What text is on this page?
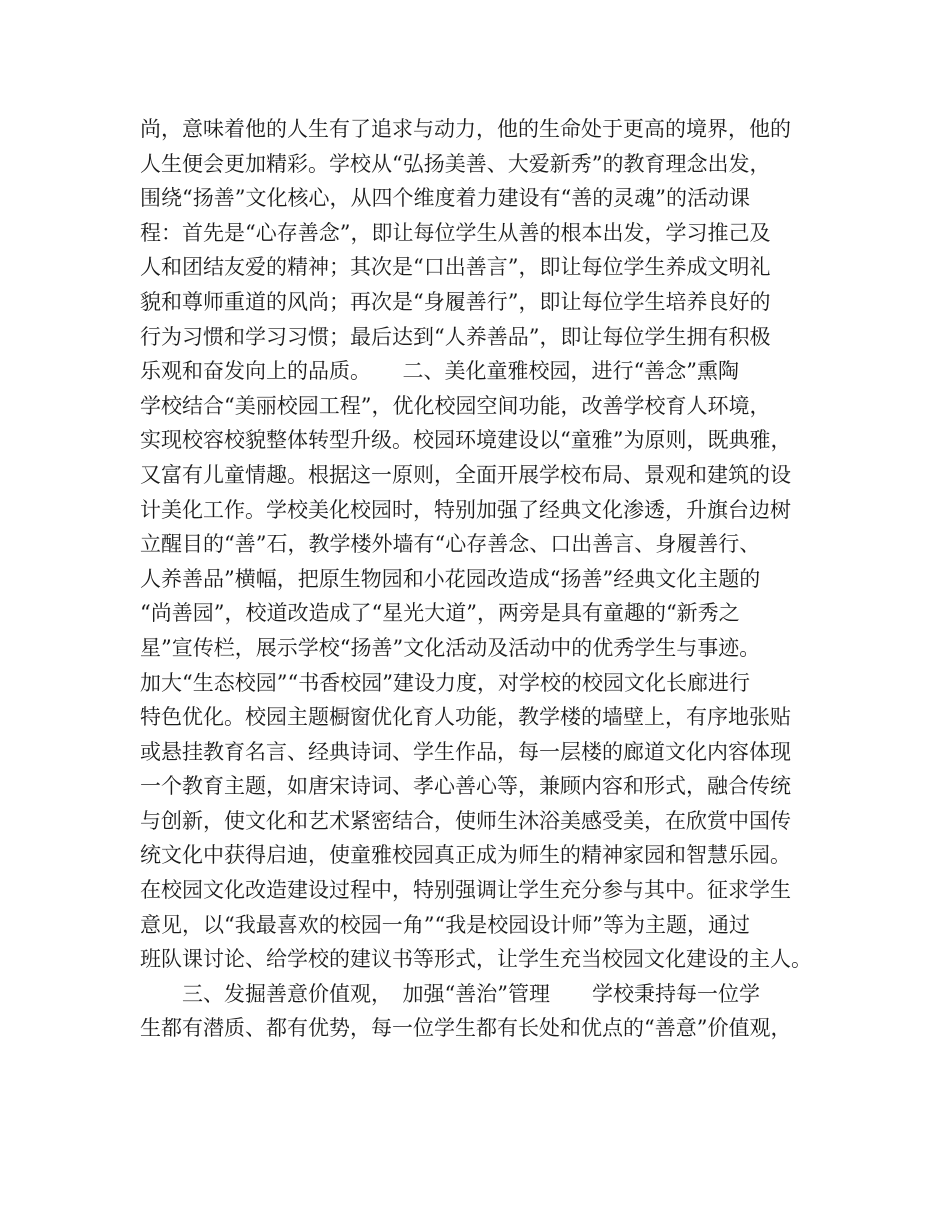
尚，意味着他的人生有了追求与动力，他的生命处于更高的境界，他的
人生便会更加精彩。学校从“弘扬美善、大爱新秀”的教育理念出发，
围绕“扬善”文化核心，从四个维度着力建设有“善的灵魂”的活动课
程：首先是“心存善念”，即让每位学生从善的根本出发，学习推己及
人和团结友爱的精神；其次是“口出善言”，即让每位学生养成文明礼
貌和尊师重道的风尚；再次是“身履善行”，即让每位学生培养良好的
行为习惯和学习习惯；最后达到“人养善品”，即让每位学生拥有积极
乐观和奋发向上的品质。　　二、美化童雅校园，进行“善念”熏陶
学校结合“美丽校园工程”，优化校园空间功能，改善学校育人环境，
实现校容校貌整体转型升级。校园环境建设以“童雅”为原则，既典雅，
又富有儿童情趣。根据这一原则，全面开展学校布局、景观和建筑的设
计美化工作。学校美化校园时，特别加强了经典文化渗透，升旗台边树
立醒目的“善”石，教学楼外墙有“心存善念、口出善言、身履善行、
人养善品”横幅，把原生物园和小花园改造成“扬善”经典文化主题的
“尚善园”，校道改造成了“星光大道”，两旁是具有童趣的“新秀之
星”宣传栏，展示学校“扬善”文化活动及活动中的优秀学生与事迹。
加大“生态校园”“书香校园”建设力度，对学校的校园文化长廊进行
特色优化。校园主题橱窗优化育人功能，教学楼的墙壁上，有序地张贴
或悬挂教育名言、经典诗词、学生作品，每一层楼的廊道文化内容体现
一个教育主题，如唐宋诗词、孝心善心等，兼顾内容和形式，融合传统
与创新，使文化和艺术紧密结合，使师生沐浴美感受美，在欣赏中国传
统文化中获得启迪，使童雅校园真正成为师生的精神家园和智慧乐园。
在校园文化改造建设过程中，特别强调让学生充分参与其中。征求学生
意见，以“我最喜欢的校园一角”“我是校园设计师”等为主题，通过
班队课讨论、给学校的建议书等形式，让学生充当校园文化建设的主人。
　　三、发掘善意价值观，　加强“善治”管理　　学校秉持每一位学
生都有潜质、都有优势，每一位学生都有长处和优点的“善意”价值观，
